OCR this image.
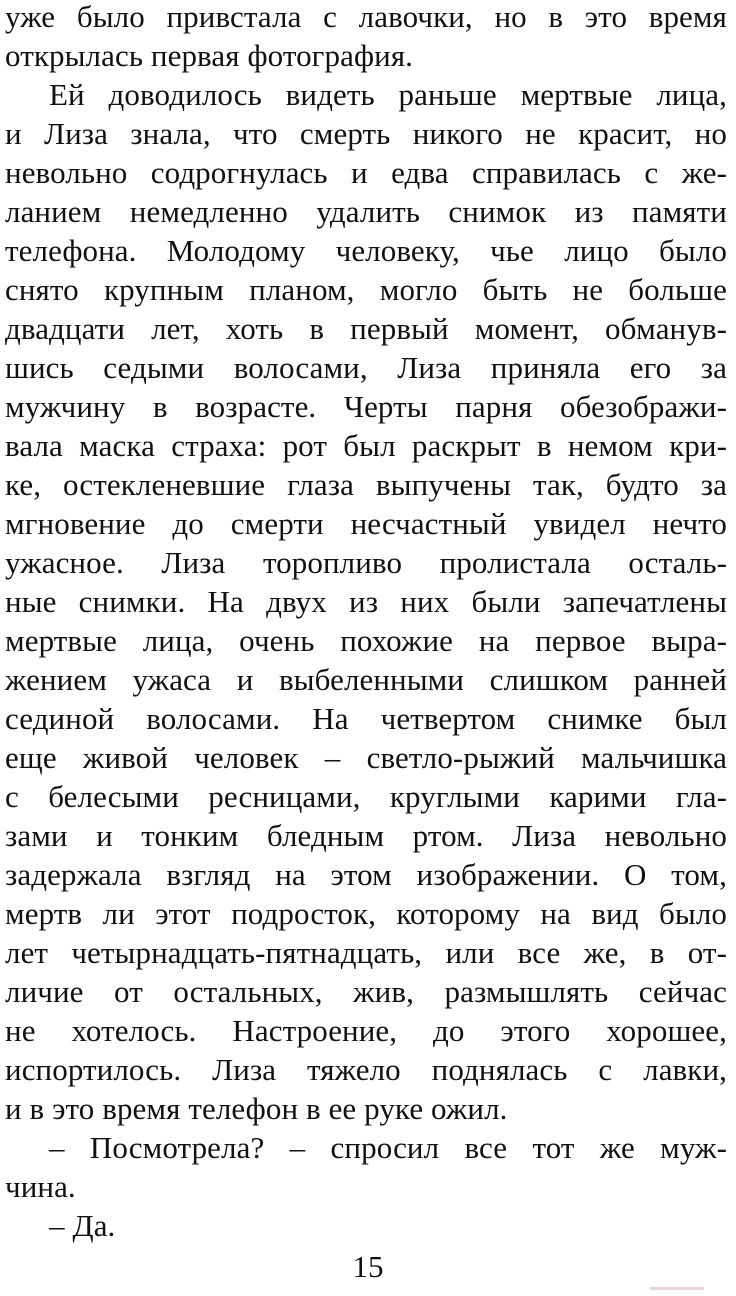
уже было привстала с лавочки, но в это время
открылась первая фотография.
Ей доводилось видеть раньше мертвые лица,
и Лиза знала, что смерть никого не красит, но
невольно содрогнулась и едва справилась с же-
ланием немедленно удалить снимок из памяти
телефона. Молодому человеку, чье лицо было
снято крупным планом, могло быть не больше
двадцати лет, хоть в первый момент, обманув-
шись седыми волосами, Лиза приняла его за
мужчину в возрасте. Черты парня обезображи-
вала маска страха: рот был раскрыт в немом кри-
ке, остекленевшие глаза выпучены так, будто за
мгновение до смерти несчастный увидел нечто
ужасное. Лиза торопливо пролистала осталь-
ные снимки. На двух из них были запечатлены
мертвые лица, очень похожие на первое выра-
жением ужаса и выбеленными слишком ранней
сединой волосами. На четвертом снимке был
еще живой человек – светло-рыжий мальчишка
с белесыми ресницами, круглыми карими гла-
зами и тонким бледным ртом. Лиза невольно
задержала взгляд на этом изображении. О том,
мертв ли этот подросток, которому на вид было
лет четырнадцать-пятнадцать, или все же, в от-
личие от остальных, жив, размышлять сейчас
не хотелось. Настроение, до этого хорошее,
испортилось. Лиза тяжело поднялась с лавки,
и в это время телефон в ее руке ожил.
– Посмотрела? – спросил все тот же муж-
чина.
– Да.
15
